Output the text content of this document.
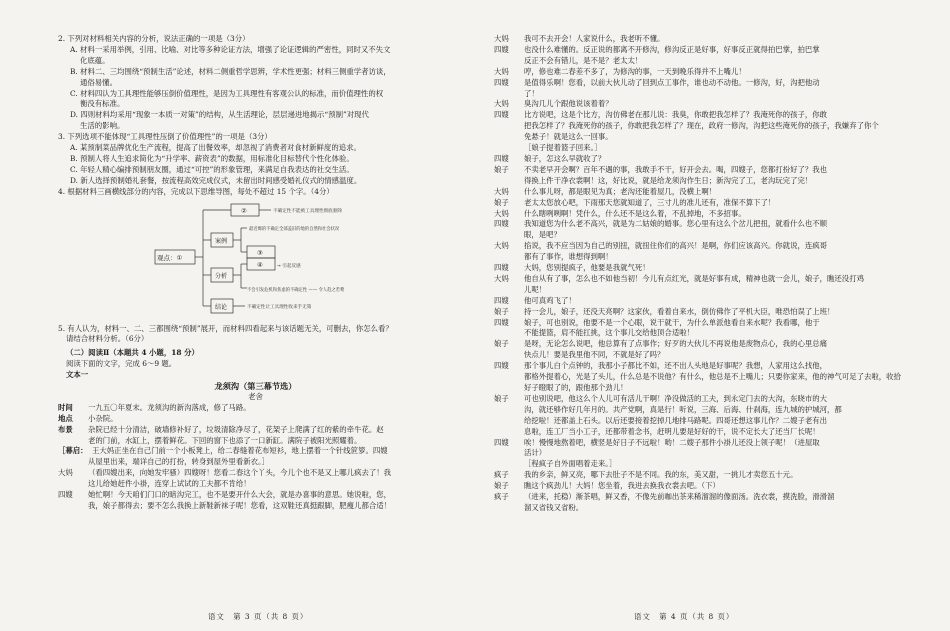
2. 下列对材料相关内容的分析，说法正确的一项是（3分）

A. 材料一采用举例，引用、比喻、对比等多种论证方法，增强了论证逻辑的严密性，同时又不失文

化底蕴。

B. 材料二、三均围绕“预制生活”论述，材料二侧重哲学思辨，学术性更强；材料三侧重学者访谈，

通俗易懂。

C. 材料四认为工具理性能够压倒价值理性，是因为工具理性有客观公认的标准，而价值理性的权

衡没有标准。

D. 四则材料均采用“现象一本质一对策”的结构，从生活理论，层层递进地揭示“预制”对现代

生活的影响。

3. 下列选项不能体现“工具理性压倒了价值理性”的一项是（3分）

A. 某预制菜品牌优化生产流程，提高了出餐效率，却忽视了消费者对食材新鲜度的追求。

B. 预制人将人生追求简化为“升学率、薪资表”的数据，用标准化目标替代个性化体验。

C. 年轻人精心编排预制朋友圈，通过“可控”的形象管理，来满足自我表达的社交生活。

D. 新人选择预制婚礼套餐，按流程高效完成仪式，未留出时间感受婚礼仪式的情感温度。

4. 根据材料三画横线部分的内容，完成以下思维导图，每处不超过 15 个字。（4分）

观点：①
②	不确定性不能被工具理性彻底驱除
案例
最近爆的不确定全部盖旧的地的自然和社会状况
③
分析
④	→ 引起反感
不会引发危机和焦虑的不确定性 —— 令人趋之若鹜
结论	不确定性让工具理性收来手无策

5. 有人认为，材料一、二、三都围绕“预制”展开，而材料四看起来与该话题无关，可删去，你怎么看？

请结合材料分析。（6分）

（二）阅读Ⅱ（本题共 4 小题，18 分）

阅读下面的文字，完成 6～9 题。

文本一

龙须沟（第三幕节选）

老舍

时间	一九五〇年夏末。龙须沟的新沟落成，修了马路。
地点	小杂院。
布景	杂院已经十分清洁，破墙修补好了，垃圾清除净尽了，花架子上爬满了红的紫的牵牛花。赵

老的门前，水缸上，摆着鲜花。下回的窗下也添了一口新缸。满院子被阳光照耀着。

［幕启： 王大妈正坐在自己门前一个小板凳上，给二春缝着花布短衫，地上摆着一个针线笸箩。四嫂

从屋里出来，端详自己的打扮，转身到屋外里看新衣。］

大妈	（看四嫂出来，向她发牢骚）四嫂呀！您看二春这个丫头，今儿个也不是又上哪儿疯去了！我
这儿给她赶件小褂，连穿上试试的工夫都不肯给！
四嫂	她忙啊！今天咱们门口的暗沟完工，也不是要开什么大会，就是办喜事的意思。她说啦，您，
我，娘子都得去；要不怎么我换上新鞋新袜子呢！您看，这双鞋还真挺跟脚，肥瘦儿都合适！
大妈	我可不去开会！人家说什么，我老听不懂。
四嫂	也没什么难懂的。反正说的都离不开修沟，修沟反正是好事，好事反正就得拍巴掌，拍巴掌
反正不会有错儿，是不是？老太太！
大妈	哼，修也难二春差不多了，为修沟的事，一天到晚乐得并不上嘴儿！
四嫂	是值得乐啊！您看，以前大伙儿动了回到点工事作，谁也动不动他。一修沟，好，沟把他动
了！
大妈	臭沟几儿个跟他说该着着？
四嫂	比方说吧，这是个比方，沟仿佛老在那儿说：我臭，你敢把我怎样了？我淹死你的孩子，你敢
把我怎样了？我淹死你的孩子，你敢把我怎样了？现在，政府一修沟，沟把这些淹死你的孩子，我嫌弃了你个
免悬子！就是这么一回事。
［娘子提着篮子回来。］
四嫂	娘子，怎这么早就收了？
娘子	不卖老早开会啊？百年不遇的事，我敢手不干，好开会去。喝，四嫂子，您都打扮好了？我也
得换上件干净衣裳啊！这，好比说，就是给龙须沟作生日；新沟完了工，老沟玩完了完！
大妈	什么事儿呀，都是眼见为真；老沟还能着屋几，没横上啊！
娘子	老太太您放心吧，下雨那天您就知道了，三寸儿的准儿还有，准保不算下了！
大妈	什么瞎咧咧啊！凭什么，什么还不是这么着，不乱掉地，不多招事。
四嫂	我知道您为什么老不高兴，就是为二姑娘的婚事。您心里有这么个岔儿把扭，就看什么也不顺
眼，是吧？
大妈	掐说，我不应当因为自己的别扭，就扭住你们的高兴！是啊，你们应该高兴。你就说，连疯哥
都有了事作，谁想得到啊！
四嫂	大妈，您别提疯子，他要是我就气死！
大妈	他自从有了事，怎么也不如他当初！今儿有点红光，就是好事有成，精神也就一会儿，娘子，瞧还没打鸡
儿呢！
四嫂	他可真鸡飞了！
娘子	持一会儿，娘子，还没天亮啊？这家伙，看着自来水，倒仿佛作了平机大臣，唯恐怕误了上班！
四嫂	娘子，可也别说，他要不是一个心眼，说干就干，为什么单派他看自来水呢？我看哪，他于
不能提篮，肩不能扛挑，这个事儿交给他顶合适啦！
娘子	是呀，无论怎么说吧，他总算有了点事作；好歹的大伙儿不再说他是废物点心，我的心里总痛
快点儿！要是我里他不同，不就是好了吗？
四嫂	那个事儿白个点钟的，我那小子都比不如，还不出人头地是好事呢？我想，人家用这么找他，
都格外提着心，光是了头儿，什么总是不说他？有什么，他总是不上嘴儿；只要你家来，他的神气可足了去啦，收拾
好子瞪眼了的，跟他那个劲儿！
娘子	可也别说吧，他这么个人儿可有活儿干啊！净没做活的工夫，到永定门去的大沟，东晓市的大
沟，就还够作好几年月的。共产党啊，真是行！听说，三海、后海、什刹海，连九城的护城河，都
给挖啦！还都盖上石头。以后还要接着挖掉几地排马路呢。四哥还想这事儿作？二嫂子老有出
息啦，连工厂当小工子，还都带着念书，赶明儿要是好好的干，说不定长大了还当厂长呢！
四嫂	唉！慢慢地熬着吧，横竖是好日子不远啦！哟！二嫂子那件小褂儿还没上领子呢！（进屋取
活计）
［程疯子自外面唱着走来。］
疯子	我的乡亲，鲜又亮，哪下去肚子不是不同。我的东，美又甜，一挑儿才卖您五十元。
娘子	瞧这个疯劲儿！大妈！您坐着，我进去换我衣裳去吧。（下）
疯子	（进来，托稳）渐茶唱，鲜又香，不像先前咖出茶来稀溜溜的像面汤。洗衣裳，摸洗脸，滑滑溜
溜又省钱又省粉。
语文　第 3 页（共 8 页）	语文　第 4 页（共 8 页）
